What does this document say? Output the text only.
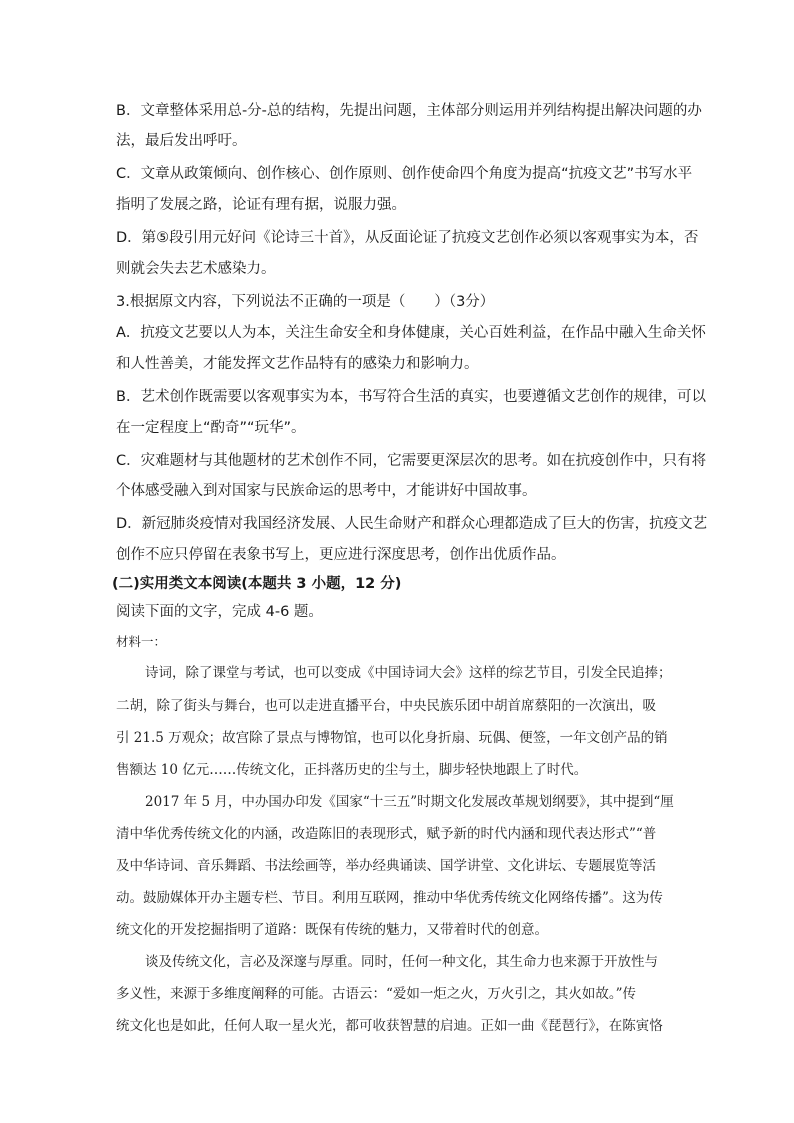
B．文章整体采用总-分-总的结构，先提出问题，主体部分则运用并列结构提出解决问题的办
法，最后发出呼吁。
C．文章从政策倾向、创作核心、创作原则、创作使命四个角度为提高“抗疫文艺”书写水平
指明了发展之路，论证有理有据，说服力强。
D．第⑤段引用元好问《论诗三十首》，从反面论证了抗疫文艺创作必须以客观事实为本，否
则就会失去艺术感染力。
3.根据原文内容，下列说法不正确的一项是（　　）（3分）
A．抗疫文艺要以人为本，关注生命安全和身体健康，关心百姓利益，在作品中融入生命关怀
和人性善美，才能发挥文艺作品特有的感染力和影响力。
B．艺术创作既需要以客观事实为本，书写符合生活的真实，也要遵循文艺创作的规律，可以
在一定程度上“酌奇”“玩华”。
C．灾难题材与其他题材的艺术创作不同，它需要更深层次的思考。如在抗疫创作中，只有将
个体感受融入到对国家与民族命运的思考中，才能讲好中国故事。
D．新冠肺炎疫情对我国经济发展、人民生命财产和群众心理都造成了巨大的伤害，抗疫文艺
创作不应只停留在表象书写上，更应进行深度思考，创作出优质作品。
(二)实用类文本阅读(本题共 3 小题，12 分)
阅读下面的文字，完成 4-6 题。
材料一：
诗词，除了课堂与考试，也可以变成《中国诗词大会》这样的综艺节目，引发全民追捧；
二胡，除了街头与舞台，也可以走进直播平台，中央民族乐团中胡首席蔡阳的一次演出，吸
引 21.5 万观众；故宫除了景点与博物馆，也可以化身折扇、玩偶、便签，一年文创产品的销
售额达 10 亿元……传统文化，正抖落历史的尘与土，脚步轻快地跟上了时代。
2017 年 5 月，中办国办印发《国家“十三五”时期文化发展改革规划纲要》，其中提到“厘
清中华优秀传统文化的内涵，改造陈旧的表现形式，赋予新的时代内涵和现代表达形式”“普
及中华诗词、音乐舞蹈、书法绘画等，举办经典诵读、国学讲堂、文化讲坛、专题展览等活
动。鼓励媒体开办主题专栏、节目。利用互联网，推动中华优秀传统文化网络传播”。这为传
统文化的开发挖掘指明了道路：既保有传统的魅力，又带着时代的创意。
谈及传统文化，言必及深邃与厚重。同时，任何一种文化，其生命力也来源于开放性与
多义性，来源于多维度阐释的可能。古语云：“爱如一炬之火，万火引之，其火如故。”传
统文化也是如此，任何人取一星火光，都可收获智慧的启迪。正如一曲《琵琶行》，在陈寅恪
